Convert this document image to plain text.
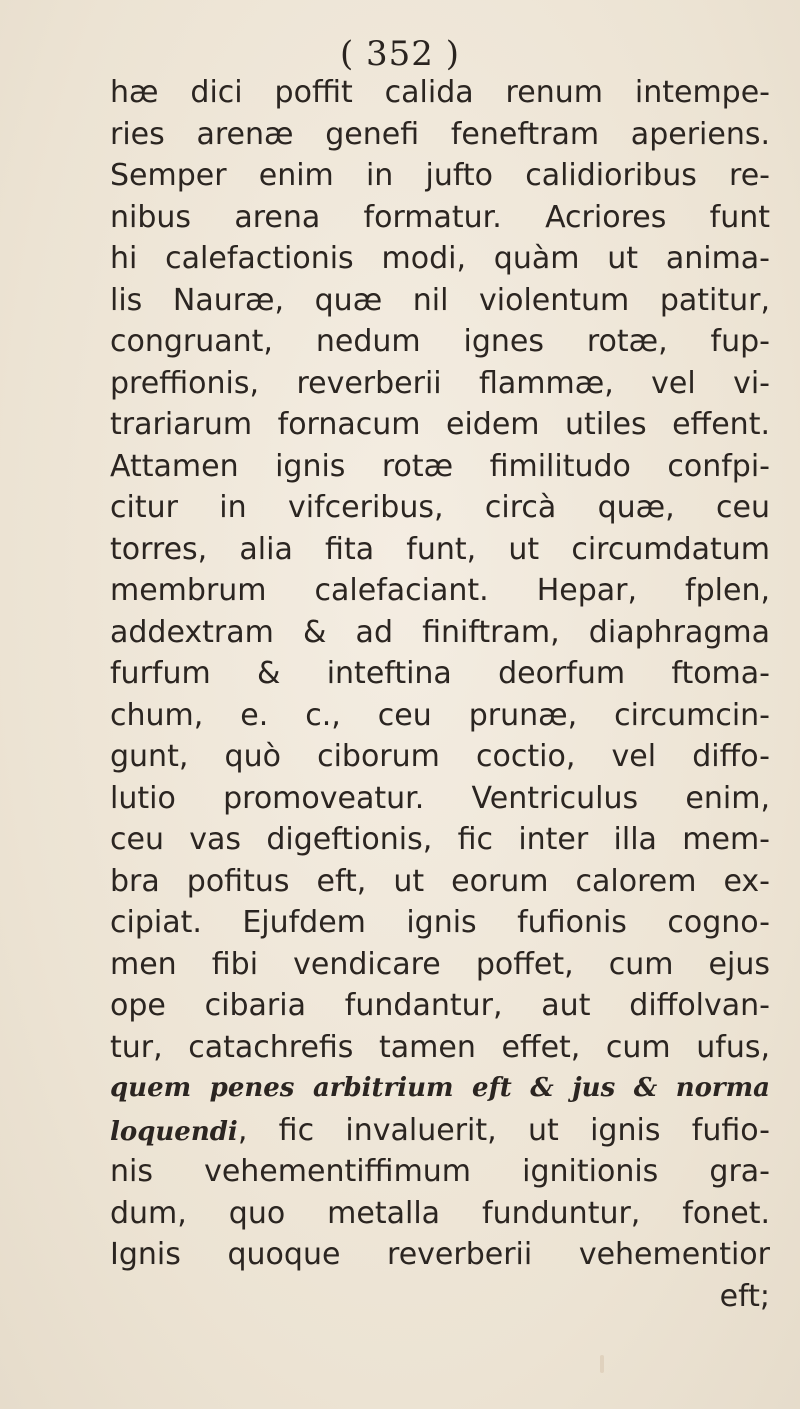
( 352 )
hæ dici poffit calida renum intempe-
ries arenæ genefi feneftram aperiens.
Semper enim in jufto calidioribus re-
nibus arena formatur. Acriores funt
hi calefactionis modi, quàm ut anima-
lis Nauræ, quæ nil violentum patitur,
congruant, nedum ignes rotæ, fup-
preffionis, reverberii flammæ, vel vi-
trariarum fornacum eidem utiles effent.
Attamen ignis rotæ fimilitudo confpi-
citur in vifceribus, circà quæ, ceu
torres, alia fita funt, ut circumdatum
membrum calefaciant. Hepar, fplen,
addextram & ad finiftram, diaphragma
furfum & inteftina deorfum ftoma-
chum, e. c., ceu prunæ, circumcin-
gunt, quò ciborum coctio, vel diffo-
lutio promoveatur. Ventriculus enim,
ceu vas digeftionis, fic inter illa mem-
bra pofitus eft, ut eorum calorem ex-
cipiat. Ejufdem ignis fufionis cogno-
men fibi vendicare poffet, cum ejus
ope cibaria fundantur, aut diffolvan-
tur, catachrefis tamen effet, cum ufus,
quem penes arbitrium eft & jus & norma
loquendi, fic invaluerit, ut ignis fufio-
nis vehementiffimum ignitionis gra-
dum, quo metalla funduntur, fonet.
Ignis quoque reverberii vehementior
eft;
